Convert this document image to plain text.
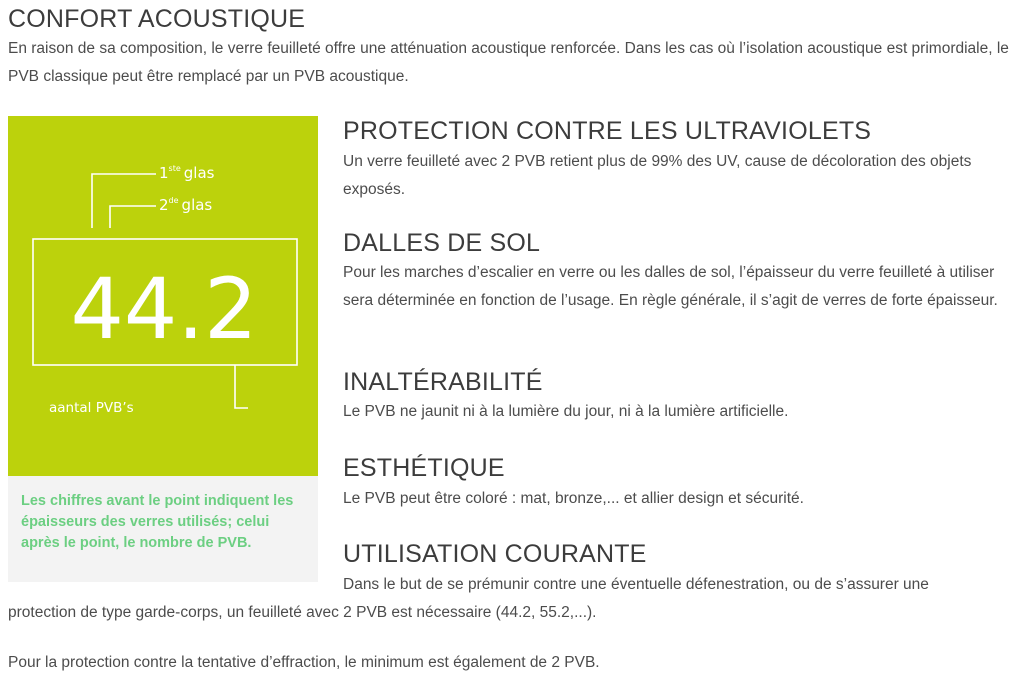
CONFORT ACOUSTIQUE

En raison de sa composition, le verre feuilleté offre une atténuation acoustique renforcée. Dans les cas où l’isolation acoustique est primordiale, le PVB classique peut être remplacé par un PVB acoustique.

1ste glas
2de glas
44.2
aantal PVB’s

Les chiffres avant le point indiquent les épaisseurs des verres utilisés; celui après le point, le nombre de PVB.

PROTECTION CONTRE LES ULTRAVIOLETS

Un verre feuilleté avec 2 PVB retient plus de 99% des UV, cause de décoloration des objets exposés.

DALLES DE SOL

Pour les marches d’escalier en verre ou les dalles de sol, l’épaisseur du verre feuilleté à utiliser sera déterminée en fonction de l’usage. En règle générale, il s’agit de verres de forte épaisseur.

INALTÉRABILITÉ

Le PVB ne jaunit ni à la lumière du jour, ni à la lumière artificielle.

ESTHÉTIQUE

Le PVB peut être coloré : mat, bronze,... et allier design et sécurité.

UTILISATION COURANTE

Dans le but de se prémunir contre une éventuelle défenestration, ou de s’assurer une

protection de type garde-corps, un feuilleté avec 2 PVB est nécessaire (44.2, 55.2,...).

Pour la protection contre la tentative d’effraction, le minimum est également de 2 PVB.
